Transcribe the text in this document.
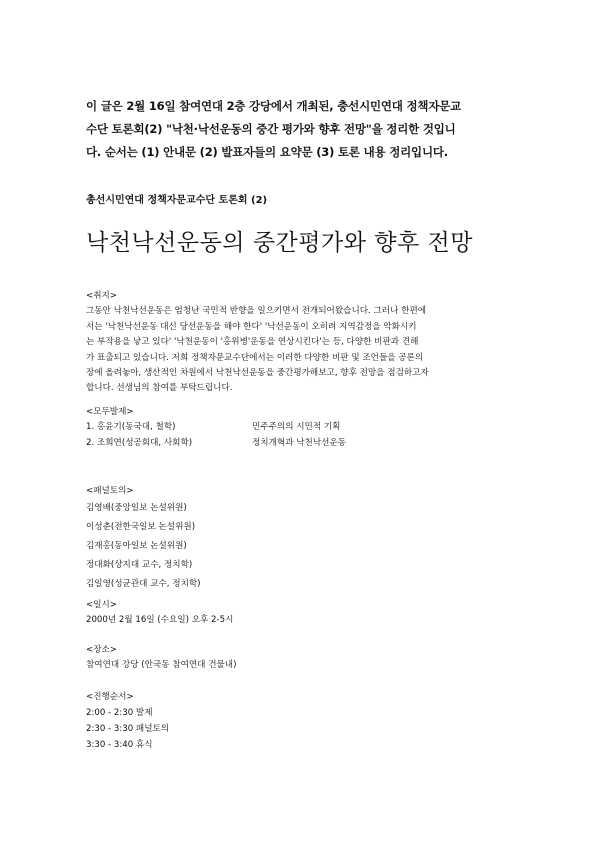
이 글은 2월 16일 참여연대 2층 강당에서 개최된, 충선시민연대 정책자문교
수단 토론회(2) "낙천·낙선운동의 중간 평가와 향후 전망"을 정리한 것입니
다. 순서는 (1) 안내문 (2) 발표자들의 요약문 (3) 토론 내용 정리입니다.
총선시민연대 정책자문교수단 토론회 (2)
낙천낙선운동의 중간평가와 향후 전망
<취지>
그동안 낙천낙선운동은 엄청난 국민적 반향을 일으키면서 전개되어왔습니다. 그러나 한편에
서는 '낙천낙선운동 대신 당선운동을 해야 한다' '낙선운동이 오히려 지역감정을 악화시키
는 부작용을 낳고 있다' '낙천운동이 '홍위병'운동을 연상시킨다'는 등, 다양한 비판과 견해
가 표출되고 있습니다. 저희 정책자문교수단에서는 이러한 다양한 비판 및 조언들을 공론의
장에 올려놓아, 생산적인 차원에서 낙천낙선운동을 중간평가해보고, 향후 전망을 점검하고자
합니다. 선생님의 참여를 부탁드립니다.
<모두발제>
1. 홍윤기(동국대, 철학)	민주주의의 시민적 기획
2. 조희연(성공회대, 사회학)	정치개혁과 낙천낙선운동
<패널토의>
김영배(중앙일보 논설위원)
이성춘(전한국일보 논설위원)
김재홍(동아일보 논설위원)
정대화(상지대 교수, 정치학)
김일영(성균관대 교수, 정치학)
<일시>
2000년 2월 16일 (수요일) 오후 2-5시
<장소>
참여연대 강당 (안국동 참여연대 건물내)
<진행순서>
2:00 - 2:30 발제
2:30 - 3:30 패널토의
3:30 - 3:40 휴식
